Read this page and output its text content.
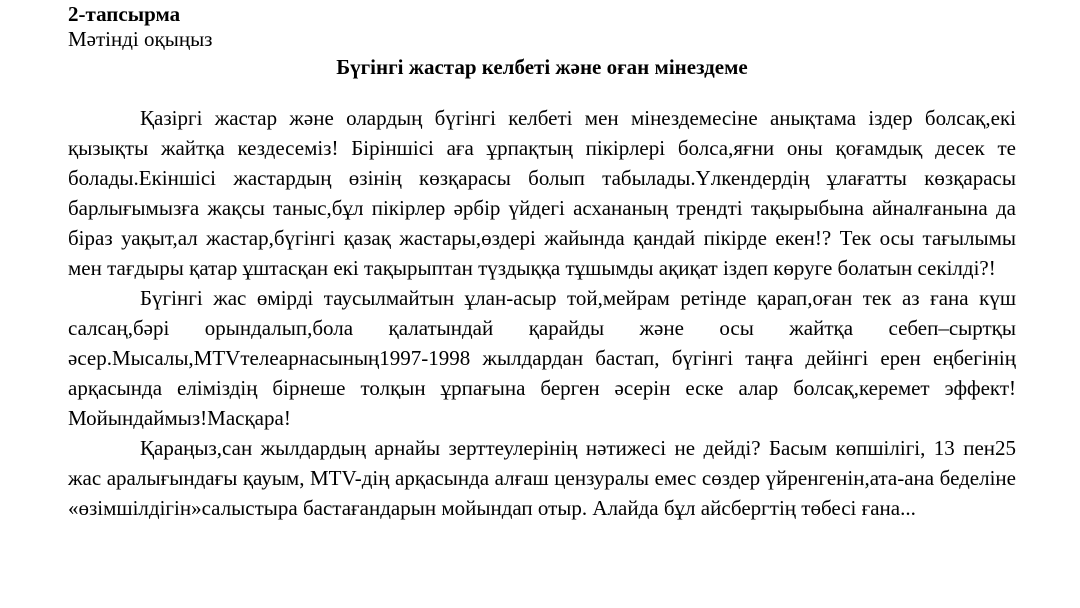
2-тапсырма

Мәтінді оқыңыз

Бүгінгі жастар келбеті және оған мінездеме

Қазіргі жастар және олардың бүгінгі келбеті мен мінездемесіне анықтама іздер болсақ,екі қызықты жайтқа кездесеміз! Біріншісі аға ұрпақтың пікірлері болса,яғни оны қоғамдық десек те болады.Екіншісі жастардың өзінің көзқарасы болып табылады.Үлкендердің ұлағатты көзқарасы барлығымызға жақсы таныс,бұл пікірлер әрбір үйдегі асхананың трендті тақырыбына айналғанына да біраз уақыт,ал жастар,бүгінгі қазақ жастары,өздері жайында қандай пікірде екен!? Тек осы тағылымы мен тағдыры қатар ұштасқан екі тақырыптан түздыққа тұшымды ақиқат іздеп көруге болатын секілді?!

Бүгінгі жас өмірді таусылмайтын ұлан-асыр той,мейрам ретінде қарап,оған тек аз ғана күш салсаң,бәрі орындалып,бола қалатындай қарайды және осы жайтқа себеп–сыртқы әсер.Мысалы,MTVтелеарнасының1997-1998 жылдардан бастап, бүгінгі таңға дейінгі ерен еңбегінің арқасында еліміздің бірнеше толқын ұрпағына берген әсерін еске алар болсақ,керемет эффект!Мойындаймыз!Масқара!

Қараңыз,сан жылдардың арнайы зерттеулерінің нәтижесі не дейді? Басым көпшілігі, 13 пен25 жас аралығындағы қауым, MTV-дің арқасында алғаш цензуралы емес сөздер үйренгенін,ата-ана беделіне «өзімшілдігін»салыстыра бастағандарын мойындап отыр. Алайда бұл айсбергтің төбесі ғана...
